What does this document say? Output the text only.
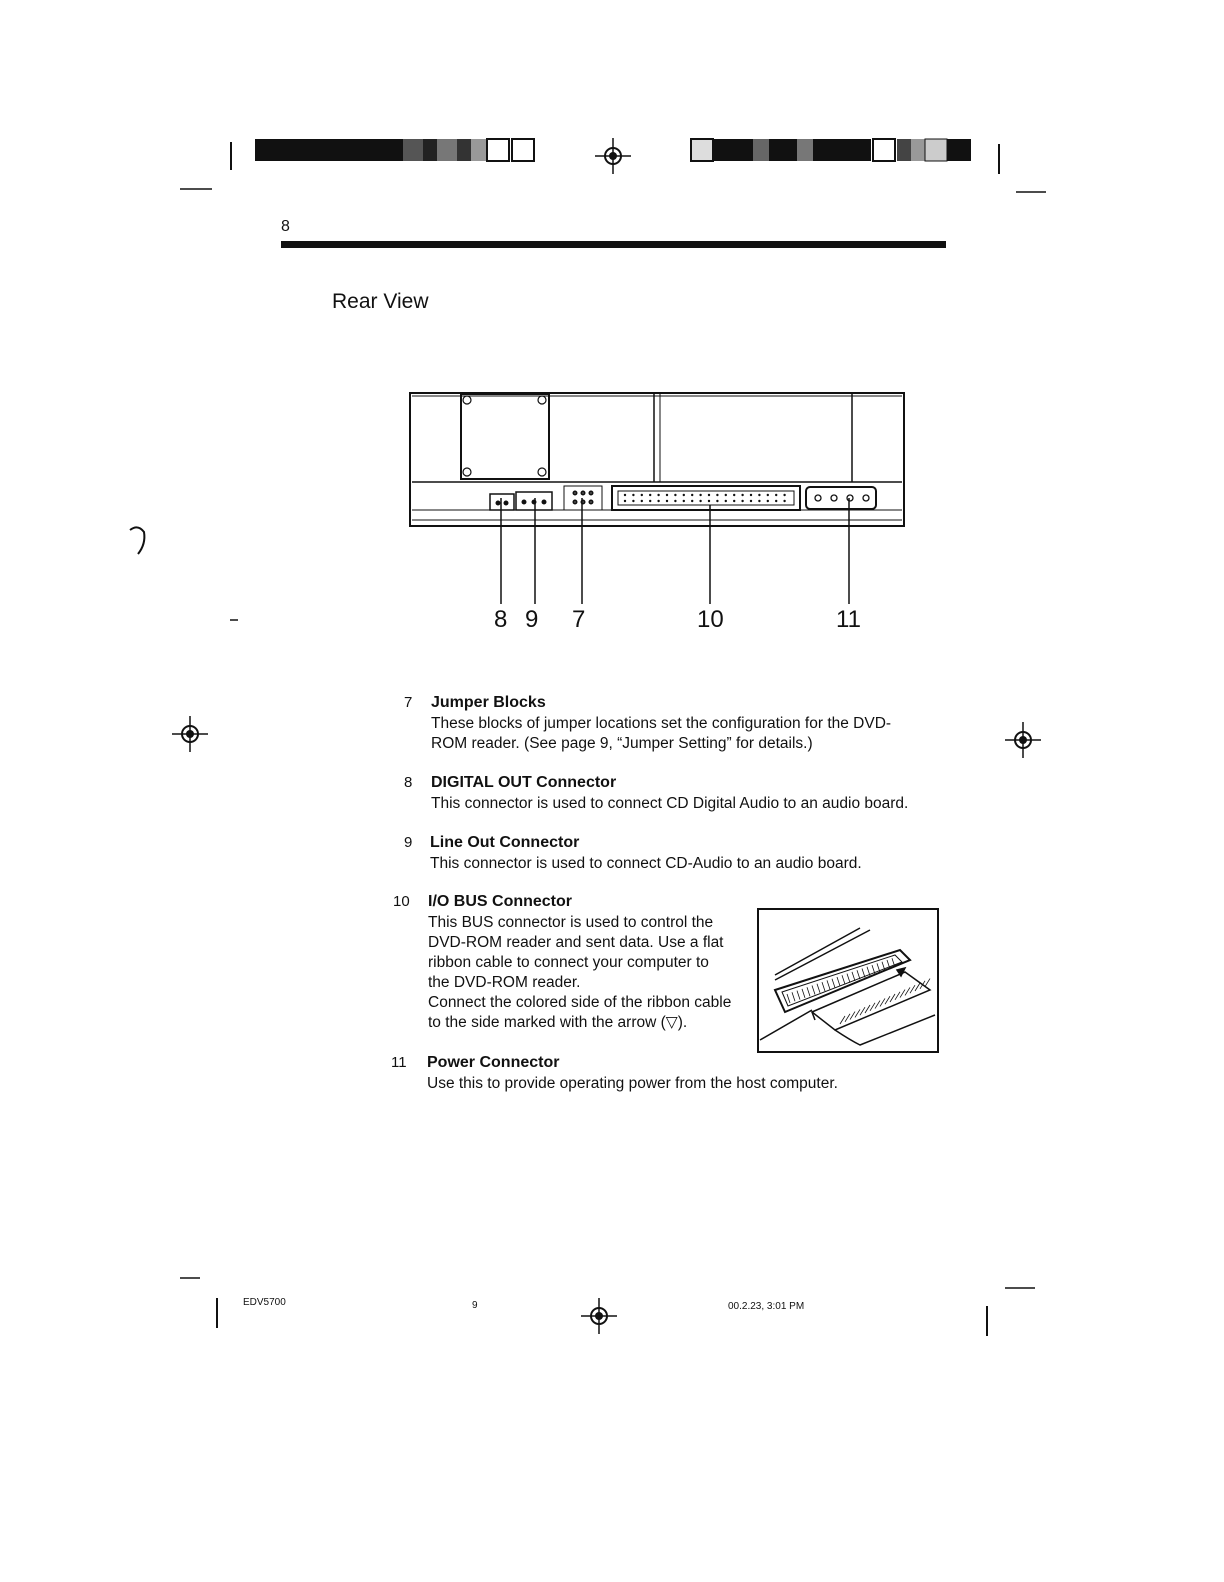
8
Rear View
8 9 7	10	11
7 Jumper Blocks
These blocks of jumper locations set the configuration for the DVD-
ROM reader. (See page 9, “Jumper Setting” for details.)
8 DIGITAL OUT Connector
This connector is used to connect CD Digital Audio to an audio board.
9 Line Out Connector
This connector is used to connect CD-Audio to an audio board.
10 I/O BUS Connector
This BUS connector is used to control the
DVD-ROM reader and sent data. Use a flat
ribbon cable to connect your computer to
the DVD-ROM reader.
Connect the colored side of the ribbon cable
to the side marked with the arrow (▽).
11 Power Connector
Use this to provide operating power from the host computer.
EDV5700	9	00.2.23, 3:01 PM
